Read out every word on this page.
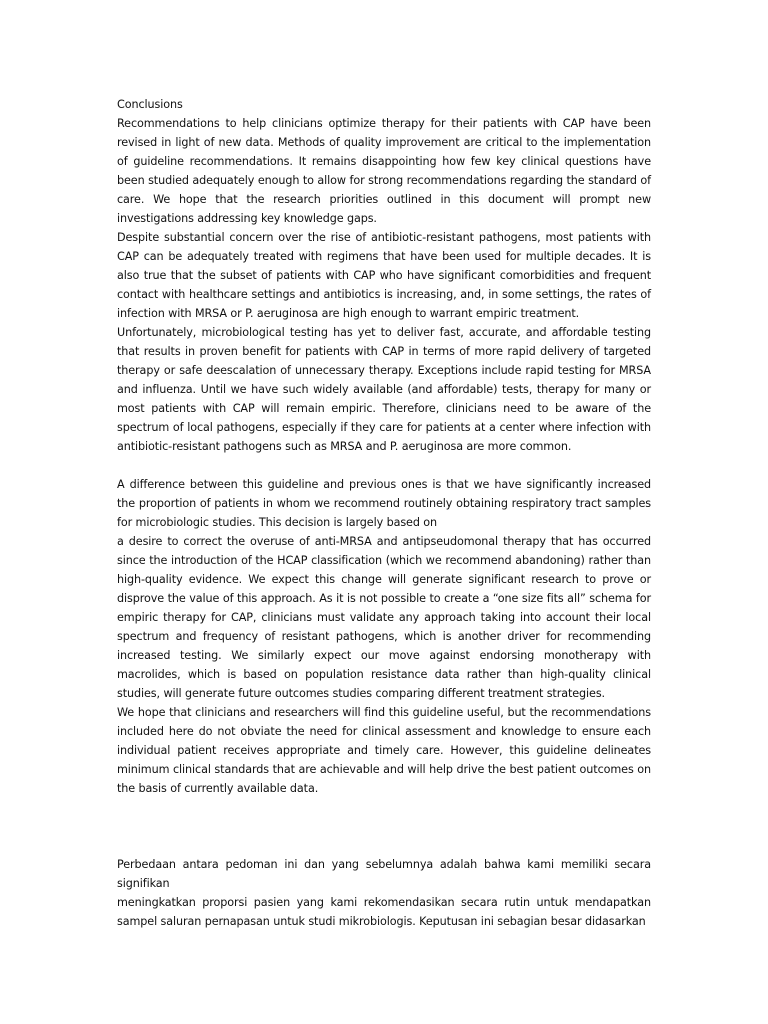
Conclusions

Recommendations to help clinicians optimize therapy for their patients with CAP have been revised in light of new data. Methods of quality improvement are critical to the implementation of guideline recommendations. It remains disappointing how few key clinical questions have been studied adequately enough to allow for strong recommendations regarding the standard of care. We hope that the research priorities outlined in this document will prompt new investigations addressing key knowledge gaps.

Despite substantial concern over the rise of antibiotic-resistant pathogens, most patients with CAP can be adequately treated with regimens that have been used for multiple decades. It is also true that the subset of patients with CAP who have significant comorbidities and frequent contact with healthcare settings and antibiotics is increasing, and, in some settings, the rates of infection with MRSA or P. aeruginosa are high enough to warrant empiric treatment.

Unfortunately, microbiological testing has yet to deliver fast, accurate, and affordable testing that results in proven benefit for patients with CAP in terms of more rapid delivery of targeted therapy or safe deescalation of unnecessary therapy. Exceptions include rapid testing for MRSA and influenza. Until we have such widely available (and affordable) tests, therapy for many or most patients with CAP will remain empiric. Therefore, clinicians need to be aware of the spectrum of local pathogens, especially if they care for patients at a center where infection with antibiotic-resistant pathogens such as MRSA and P. aeruginosa are more common.

A difference between this guideline and previous ones is that we have significantly increased the proportion of patients in whom we recommend routinely obtaining respiratory tract samples for microbiologic studies. This decision is largely based on

a desire to correct the overuse of anti-MRSA and antipseudomonal therapy that has occurred since the introduction of the HCAP classification (which we recommend abandoning) rather than high-quality evidence. We expect this change will generate significant research to prove or disprove the value of this approach. As it is not possible to create a “one size fits all” schema for empiric therapy for CAP, clinicians must validate any approach taking into account their local spectrum and frequency of resistant pathogens, which is another driver for recommending increased testing. We similarly expect our move against endorsing monotherapy with macrolides, which is based on population resistance data rather than high-quality clinical studies, will generate future outcomes studies comparing different treatment strategies.

We hope that clinicians and researchers will find this guideline useful, but the recommendations included here do not obviate the need for clinical assessment and knowledge to ensure each individual patient receives appropriate and timely care. However, this guideline delineates minimum clinical standards that are achievable and will help drive the best patient outcomes on the basis of currently available data.

Perbedaan antara pedoman ini dan yang sebelumnya adalah bahwa kami memiliki secara signifikan

meningkatkan proporsi pasien yang kami rekomendasikan secara rutin untuk mendapatkan sampel saluran pernapasan untuk studi mikrobiologis. Keputusan ini sebagian besar didasarkan
